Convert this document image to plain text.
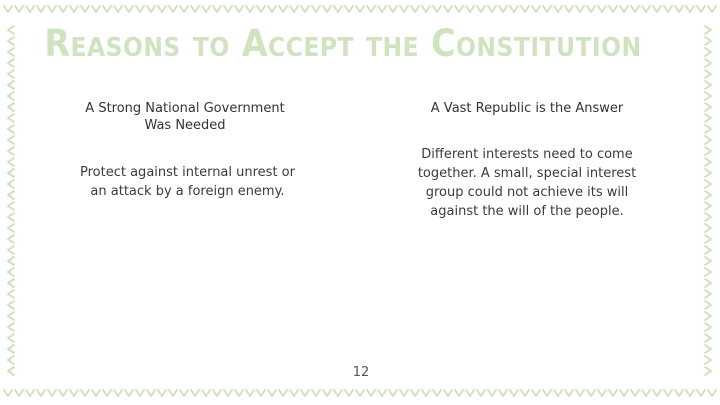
Reasons to Accept the Constitution
A Strong National Government Was Needed
A Vast Republic is the Answer
Protect against internal unrest or an attack by a foreign enemy.
Different interests need to come together. A small, special interest group could not achieve its will against the will of the people.
12
